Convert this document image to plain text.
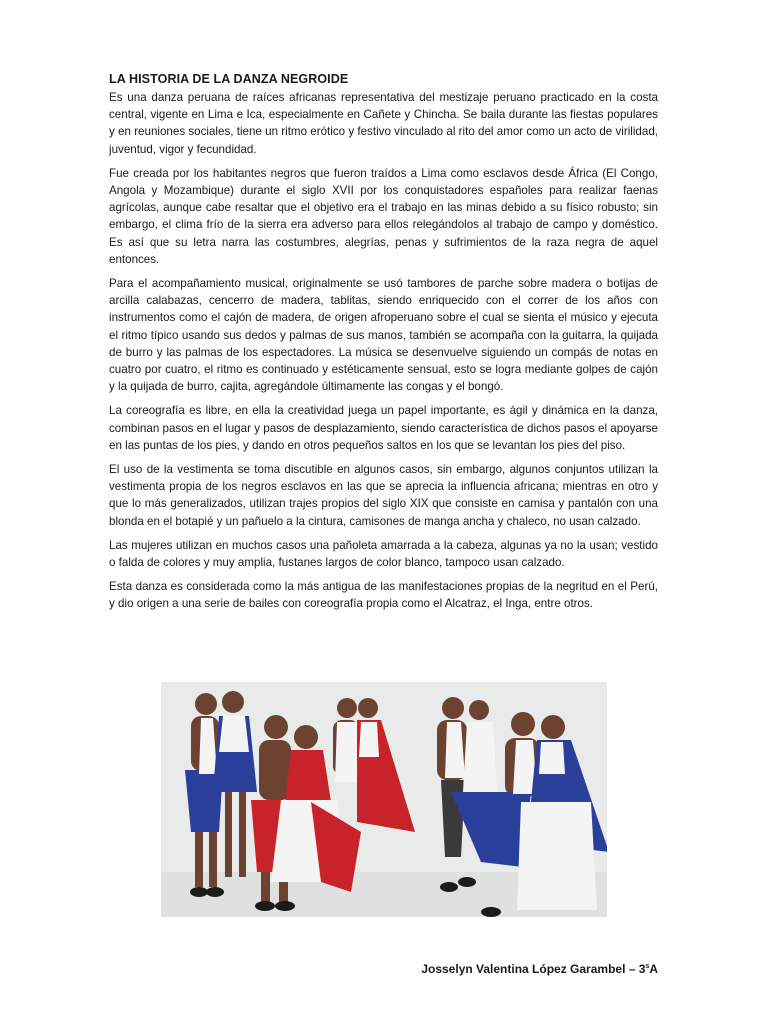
LA HISTORIA DE LA DANZA NEGROIDE

Es una danza peruana de raíces africanas representativa del mestizaje peruano practicado en la costa central, vigente en Lima e Ica, especialmente en Cañete y Chincha. Se baila durante las fiestas populares y en reuniones sociales, tiene un ritmo erótico y festivo vinculado al rito del amor como un acto de virilidad, juventud, vigor y fecundidad.

Fue creada por los habitantes negros que fueron traídos a Lima como esclavos desde África (El Congo, Angola y Mozambique) durante el siglo XVII por los conquistadores españoles para realizar faenas agrícolas, aunque cabe resaltar que el objetivo era el trabajo en las minas debido a su físico robusto; sin embargo, el clima frío de la sierra era adverso para ellos relegándolos al trabajo de campo y doméstico. Es así que su letra narra las costumbres, alegrías, penas y sufrimientos de la raza negra de aquel entonces.

Para el acompañamiento musical, originalmente se usó tambores de parche sobre madera o botijas de arcilla calabazas, cencerro de madera, tablitas, siendo enriquecido con el correr de los años con instrumentos como el cajón de madera, de origen afroperuano sobre el cual se sienta el músico y ejecuta el ritmo típico usando sus dedos y palmas de sus manos, también se acompaña con la guitarra, la quijada de burro y las palmas de los espectadores. La música se desenvuelve siguiendo un compás de notas en cuatro por cuatro, el ritmo es continuado y estéticamente sensual, esto se logra mediante golpes de cajón y la quijada de burro, cajita, agregándole últimamente las congas y el bongó.

La coreografía es libre, en ella la creatividad juega un papel importante, es ágil y dinámica en la danza, combinan pasos en el lugar y pasos de desplazamiento, siendo característica de dichos pasos el apoyarse en las puntas de los pies, y dando en otros pequeños saltos en los que se levantan los pies del piso.

El uso de la vestimenta se toma discutible en algunos casos, sin embargo, algunos conjuntos utilizan la vestimenta propia de los negros esclavos en las que se aprecia la influencia africana; mientras en otro y que lo más generalizados, utilizan trajes propios del siglo XIX que consiste en camisa y pantalón con una blonda en el botapié y un pañuelo a la cintura, camisones de manga ancha y chaleco, no usan calzado.

Las mujeres utilizan en muchos casos una pañoleta amarrada a la cabeza, algunas ya no la usan; vestido o falda de colores y muy amplia, fustanes largos de color blanco, tampoco usan calzado.

Esta danza es considerada como la más antigua de las manifestaciones propias de la negritud en el Perú, y dio origen a una serie de bailes con coreografía propia como el Alcatraz, el Inga, entre otros.

Josselyn Valentina López Garambel – 3$^s$A
